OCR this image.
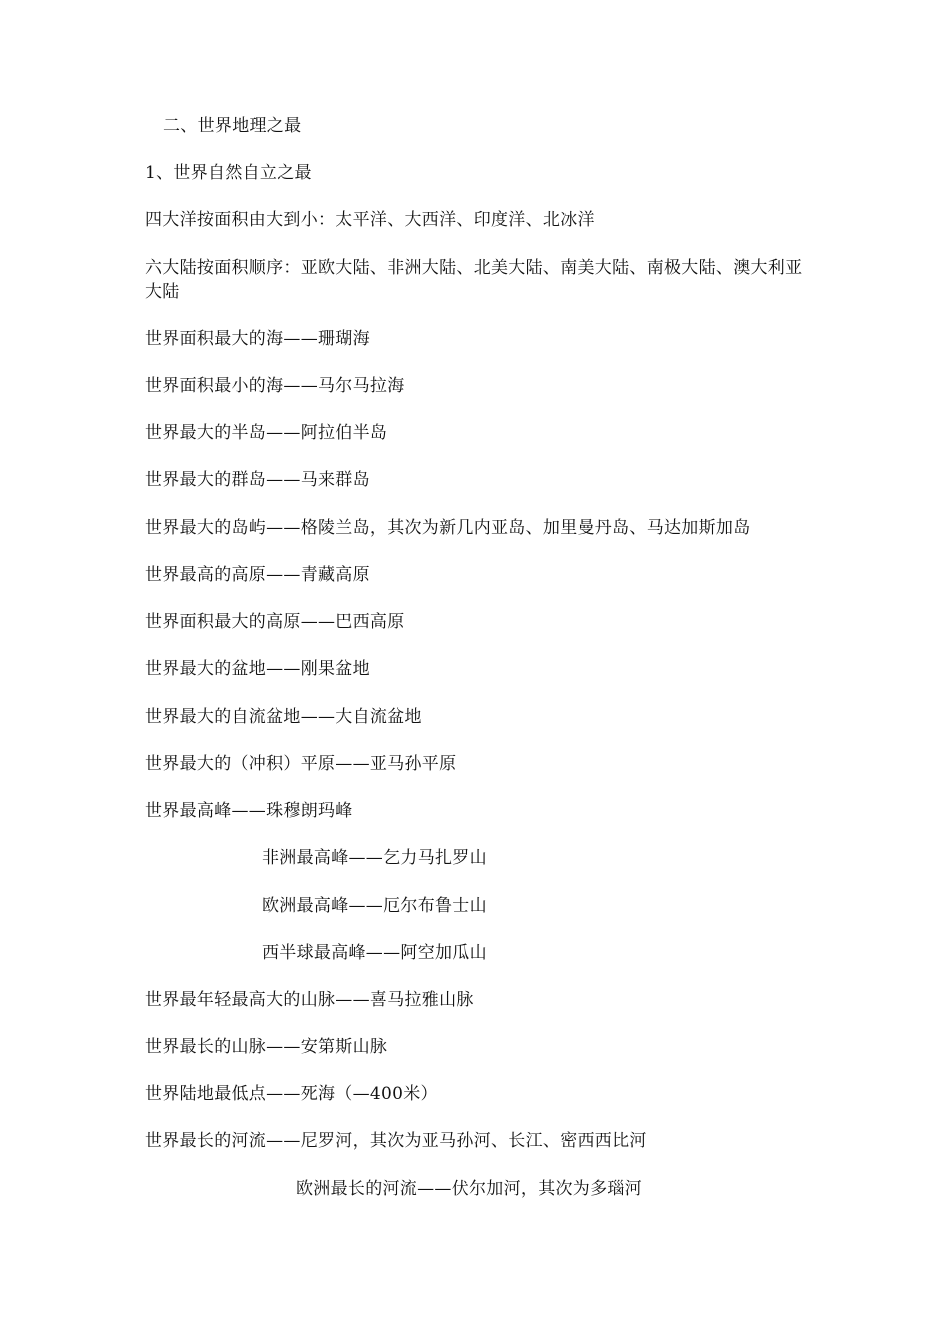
二、世界地理之最
1、世界自然自立之最
四大洋按面积由大到小：太平洋、大西洋、印度洋、北冰洋
六大陆按面积顺序：亚欧大陆、非洲大陆、北美大陆、南美大陆、南极大陆、澳大利亚大陆
世界面积最大的海——珊瑚海
世界面积最小的海——马尔马拉海
世界最大的半岛——阿拉伯半岛
世界最大的群岛——马来群岛
世界最大的岛屿——格陵兰岛，其次为新几内亚岛、加里曼丹岛、马达加斯加岛
世界最高的高原——青藏高原
世界面积最大的高原——巴西高原
世界最大的盆地——刚果盆地
世界最大的自流盆地——大自流盆地
世界最大的（冲积）平原——亚马孙平原
世界最高峰——珠穆朗玛峰
非洲最高峰——乞力马扎罗山
欧洲最高峰——厄尔布鲁士山
西半球最高峰——阿空加瓜山
世界最年轻最高大的山脉——喜马拉雅山脉
世界最长的山脉——安第斯山脉
世界陆地最低点——死海（—400米）
世界最长的河流——尼罗河，其次为亚马孙河、长江、密西西比河
欧洲最长的河流——伏尔加河，其次为多瑙河
